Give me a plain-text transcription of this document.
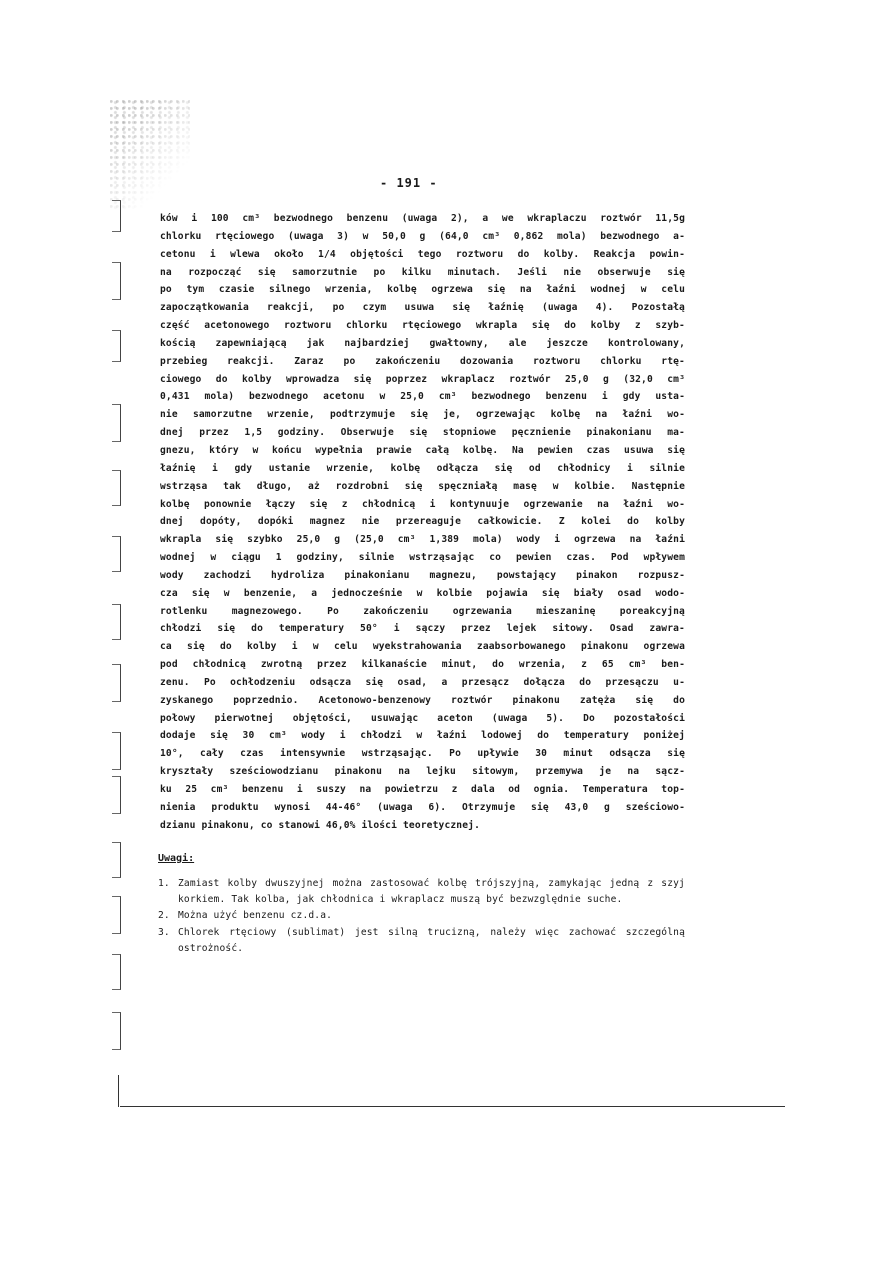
- 191 -

ków i 100 cm³ bezwodnego benzenu (uwaga 2), a we wkraplaczu roztwór 11,5g

chlorku rtęciowego (uwaga 3) w 50,0 g (64,0 cm³ 0,862 mola) bezwodnego a-

cetonu i wlewa około 1/4 objętości tego roztworu do kolby. Reakcja powin-

na rozpocząć się samorzutnie po kilku minutach. Jeśli nie obserwuje się

po tym czasie silnego wrzenia, kolbę ogrzewa się na łaźni wodnej w celu

zapoczątkowania reakcji, po czym usuwa się łaźnię (uwaga 4). Pozostałą

część acetonowego roztworu chlorku rtęciowego wkrapla się do kolby z szyb-

kością zapewniającą jak najbardziej gwałtowny, ale jeszcze kontrolowany,

przebieg reakcji. Zaraz po zakończeniu dozowania roztworu chlorku rtę-

ciowego do kolby wprowadza się poprzez wkraplacz roztwór 25,0 g (32,0 cm³

0,431 mola) bezwodnego acetonu w 25,0 cm³ bezwodnego benzenu i gdy usta-

nie samorzutne wrzenie, podtrzymuje się je, ogrzewając kolbę na łaźni wo-

dnej przez 1,5 godziny. Obserwuje się stopniowe pęcznienie pinakonianu ma-

gnezu, który w końcu wypełnia prawie całą kolbę. Na pewien czas usuwa się

łaźnię i gdy ustanie wrzenie, kolbę odłącza się od chłodnicy i silnie

wstrząsa tak długo, aż rozdrobni się spęczniałą masę w kolbie. Następnie

kolbę ponownie łączy się z chłodnicą i kontynuuje ogrzewanie na łaźni wo-

dnej dopóty, dopóki magnez nie przereaguje całkowicie. Z kolei do kolby

wkrapla się szybko 25,0 g (25,0 cm³ 1,389 mola) wody i ogrzewa na łaźni

wodnej w ciągu 1 godziny, silnie wstrząsając co pewien czas. Pod wpływem

wody zachodzi hydroliza pinakonianu magnezu, powstający pinakon rozpusz-

cza się w benzenie, a jednocześnie w kolbie pojawia się biały osad wodo-

rotlenku magnezowego. Po zakończeniu ogrzewania mieszaninę poreakcyjną

chłodzi się do temperatury 50° i sączy przez lejek sitowy. Osad zawra-

ca się do kolby i w celu wyekstrahowania zaabsorbowanego pinakonu ogrzewa

pod chłodnicą zwrotną przez kilkanaście minut, do wrzenia, z 65 cm³ ben-

zenu. Po ochłodzeniu odsącza się osad, a przesącz dołącza do przesączu u-

zyskanego poprzednio. Acetonowo-benzenowy roztwór pinakonu zatęża się do

połowy pierwotnej objętości, usuwając aceton (uwaga 5). Do pozostałości

dodaje się 30 cm³ wody i chłodzi w łaźni lodowej do temperatury poniżej

10°, cały czas intensywnie wstrząsając. Po upływie 30 minut odsącza się

kryształy sześciowodzianu pinakonu na lejku sitowym, przemywa je na sącz-

ku 25 cm³ benzenu i suszy na powietrzu z dala od ognia. Temperatura top-

nienia produktu wynosi 44-46° (uwaga 6). Otrzymuje się 43,0 g sześciowo-

dzianu pinakonu, co stanowi 46,0% ilości teoretycznej.

Uwagi:
1. Zamiast kolby dwuszyjnej można zastosować kolbę trójszyjną, zamykając jedną z szyj korkiem. Tak kolba, jak chłodnica i wkraplacz muszą być bezwzględnie suche.
2. Można użyć benzenu cz.d.a.
3. Chlorek rtęciowy (sublimat) jest silną trucizną, należy więc zachować szczególną ostrożność.
